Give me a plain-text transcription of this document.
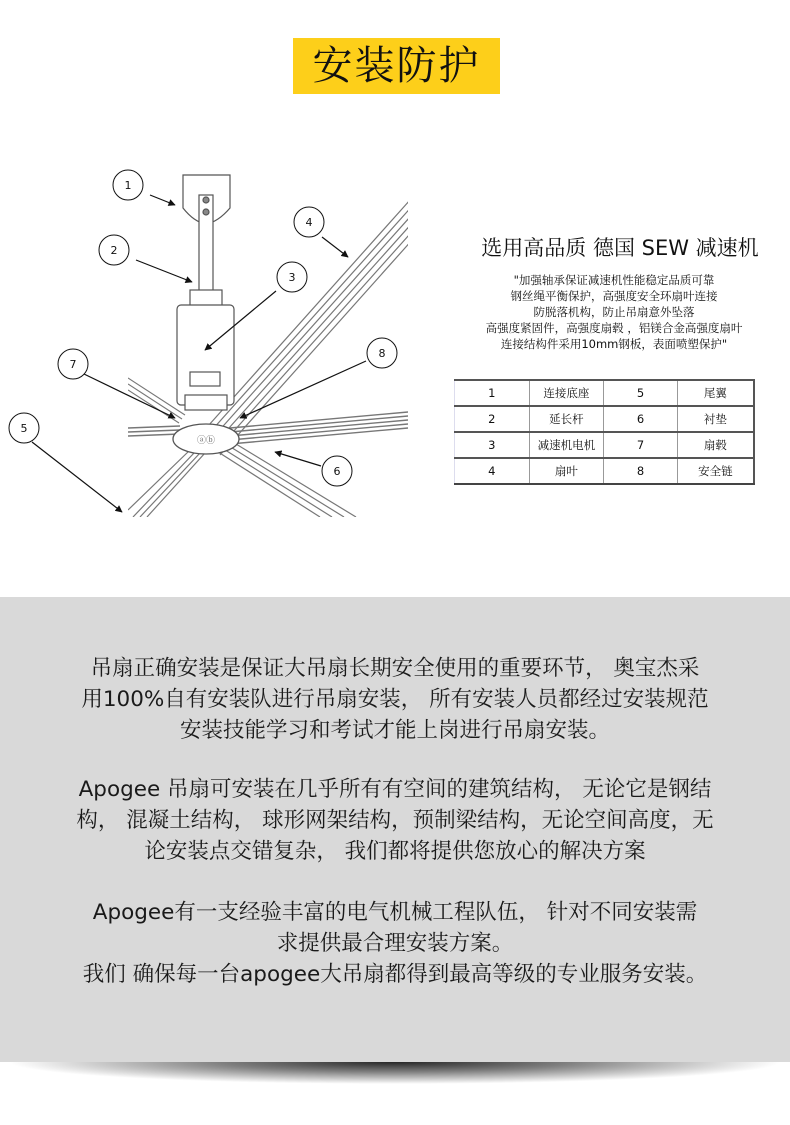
安装防护
ⓐⓑ
1
2
3
4
5
6
7
8
选用高品质 德国 SEW 减速机
"加强轴承保证减速机性能稳定品质可靠
钢丝绳平衡保护，高强度安全环扇叶连接
防脱落机构，防止吊扇意外坠落
高强度紧固件，高强度扇毂 ，铝镁合金高强度扇叶
连接结构件采用10mm钢板，表面喷塑保护"
1	连接底座	5	尾翼
2	延长杆	6	衬垫
3	减速机电机	7	扇毂
4	扇叶	8	安全链
吊扇正确安装是保证大吊扇长期安全使用的重要环节， 奥宝杰采
用100%自有安装队进行吊扇安装， 所有安装人员都经过安装规范
安装技能学习和考试才能上岗进行吊扇安装。
Apogee 吊扇可安装在几乎所有有空间的建筑结构， 无论它是钢结
构， 混凝土结构， 球形网架结构，预制梁结构，无论空间高度，无
论安装点交错复杂， 我们都将提供您放心的解决方案
Apogee有一支经验丰富的电气机械工程队伍， 针对不同安装需
求提供最合理安装方案。
我们 确保每一台apogee大吊扇都得到最高等级的专业服务安装。
